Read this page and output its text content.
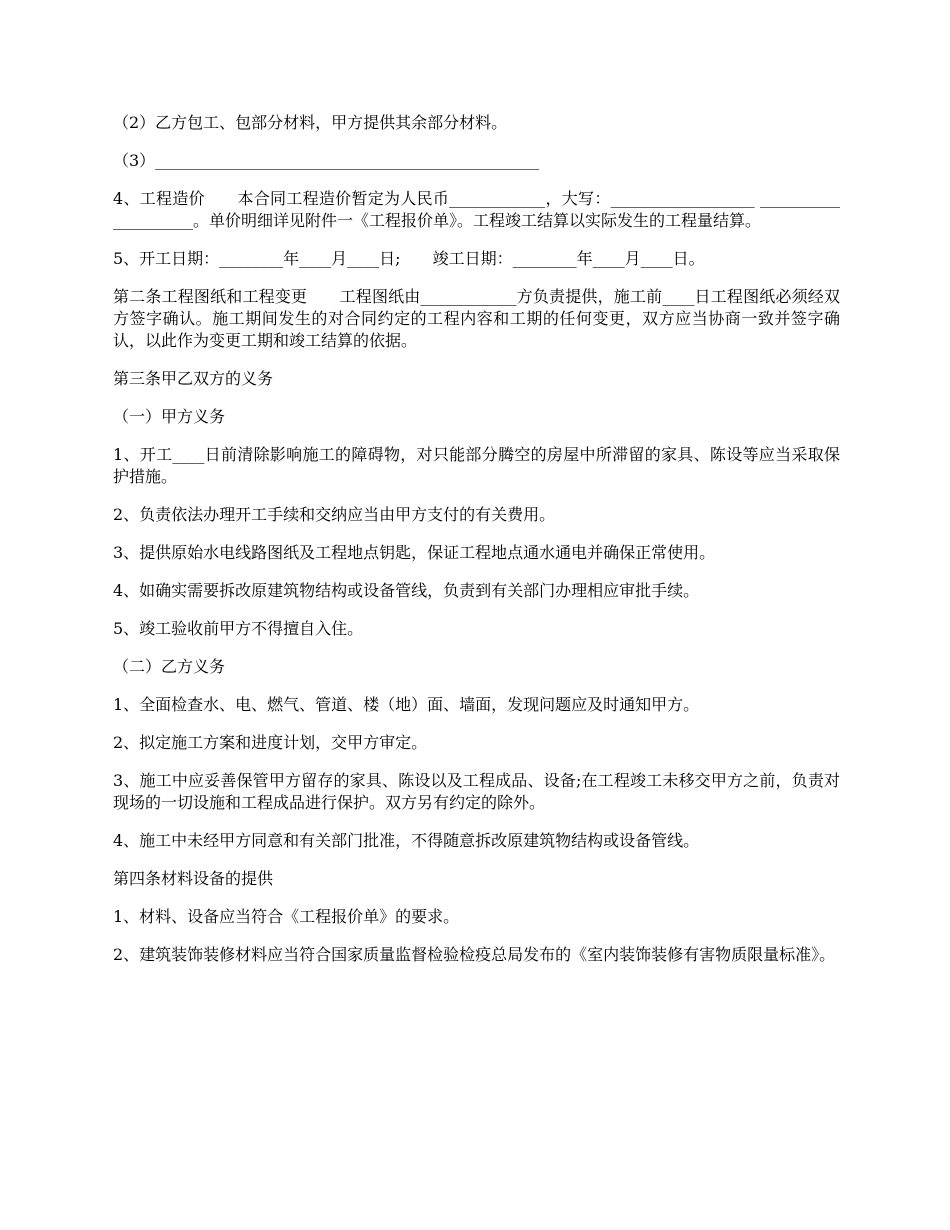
（2）乙方包工、包部分材料，甲方提供其余部分材料。

（3）________________________________________________

4、工程造价　　本合同工程造价暂定为人民币____________，大写：__________________ ____________________。单价明细详见附件一《工程报价单》。工程竣工结算以实际发生的工程量结算。

5、开工日期：________年____月____日;　　竣工日期：________年____月____日。

第二条工程图纸和工程变更　　工程图纸由____________方负责提供，施工前____日工程图纸必须经双方签字确认。施工期间发生的对合同约定的工程内容和工期的任何变更，双方应当协商一致并签字确认，以此作为变更工期和竣工结算的依据。

第三条甲乙双方的义务

（一）甲方义务

1、开工____日前清除影响施工的障碍物，对只能部分腾空的房屋中所滞留的家具、陈设等应当采取保护措施。

2、负责依法办理开工手续和交纳应当由甲方支付的有关费用。

3、提供原始水电线路图纸及工程地点钥匙，保证工程地点通水通电并确保正常使用。

4、如确实需要拆改原建筑物结构或设备管线，负责到有关部门办理相应审批手续。

5、竣工验收前甲方不得擅自入住。

（二）乙方义务

1、全面检查水、电、燃气、管道、楼（地）面、墙面，发现问题应及时通知甲方。

2、拟定施工方案和进度计划，交甲方审定。

3、施工中应妥善保管甲方留存的家具、陈设以及工程成品、设备;在工程竣工未移交甲方之前，负责对现场的一切设施和工程成品进行保护。双方另有约定的除外。

4、施工中未经甲方同意和有关部门批准，不得随意拆改原建筑物结构或设备管线。

第四条材料设备的提供

1、材料、设备应当符合《工程报价单》的要求。

2、建筑装饰装修材料应当符合国家质量监督检验检疫总局发布的《室内装饰装修有害物质限量标准》。
